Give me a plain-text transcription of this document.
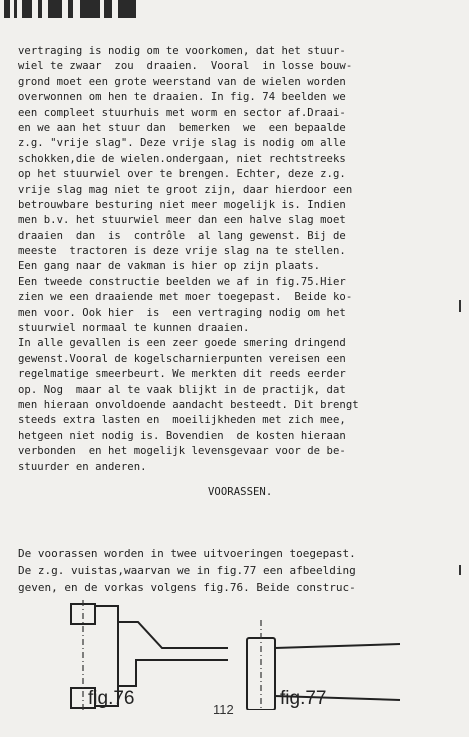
vertraging is nodig om te voorkomen, dat het stuur-
wiel te zwaar  zou  draaien.  Vooral  in losse bouw-
grond moet een grote weerstand van de wielen worden
overwonnen om hen te draaien. In fig. 74 beelden we
een compleet stuurhuis met worm en sector af.Draai-
en we aan het stuur dan  bemerken  we  een bepaalde
z.g. "vrije slag". Deze vrije slag is nodig om alle
schokken,die de wielen.ondergaan, niet rechtstreeks
op het stuurwiel over te brengen. Echter, deze z.g.
vrije slag mag niet te groot zijn, daar hierdoor een
betrouwbare besturing niet meer mogelijk is. Indien
men b.v. het stuurwiel meer dan een halve slag moet
draaien  dan  is  contrôle  al lang gewenst. Bij de
meeste  tractoren is deze vrije slag na te stellen.
Een gang naar de vakman is hier op zijn plaats.
Een tweede constructie beelden we af in fig.75.Hier
zien we een draaiende met moer toegepast.  Beide ko-
men voor. Ook hier  is  een vertraging nodig om het
stuurwiel normaal te kunnen draaien.
In alle gevallen is een zeer goede smering dringend
gewenst.Vooral de kogelscharnierpunten vereisen een
regelmatige smeerbeurt. We merkten dit reeds eerder
op. Nog  maar al te vaak blijkt in de practijk, dat
men hieraan onvoldoende aandacht besteedt. Dit brengt
steeds extra lasten en  moeilijkheden met zich mee,
hetgeen niet nodig is. Bovendien  de kosten hieraan
verbonden  en het mogelijk levensgevaar voor de be-
stuurder en anderen.
VOORASSEN.
De voorassen worden in twee uitvoeringen toegepast.
De z.g. vuistas,waarvan we in fig.77 een afbeelding
geven, en de vorkas volgens fig.76. Beide construc-
fig.76
112
fig.77
